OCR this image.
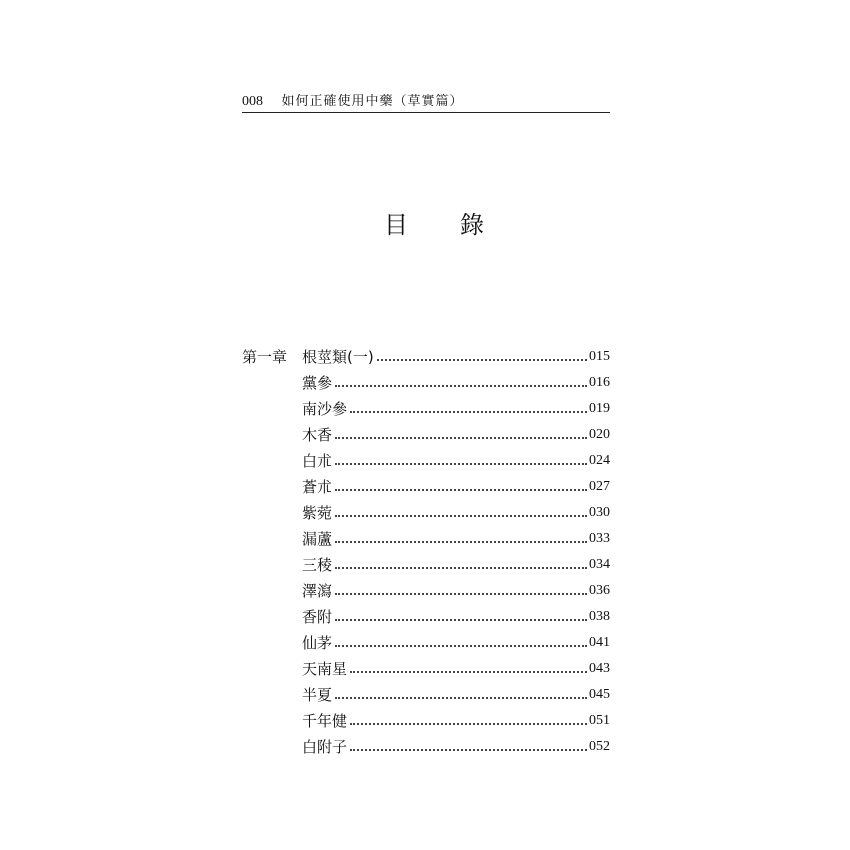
008 如何正確使用中藥（草實篇）
目 錄
第一章 根莖類(一)	015
黨參	016
南沙參	019
木香	020
白朮	024
蒼朮	027
紫菀	030
漏蘆	033
三稜	034
澤瀉	036
香附	038
仙茅	041
天南星	043
半夏	045
千年健	051
白附子	052
